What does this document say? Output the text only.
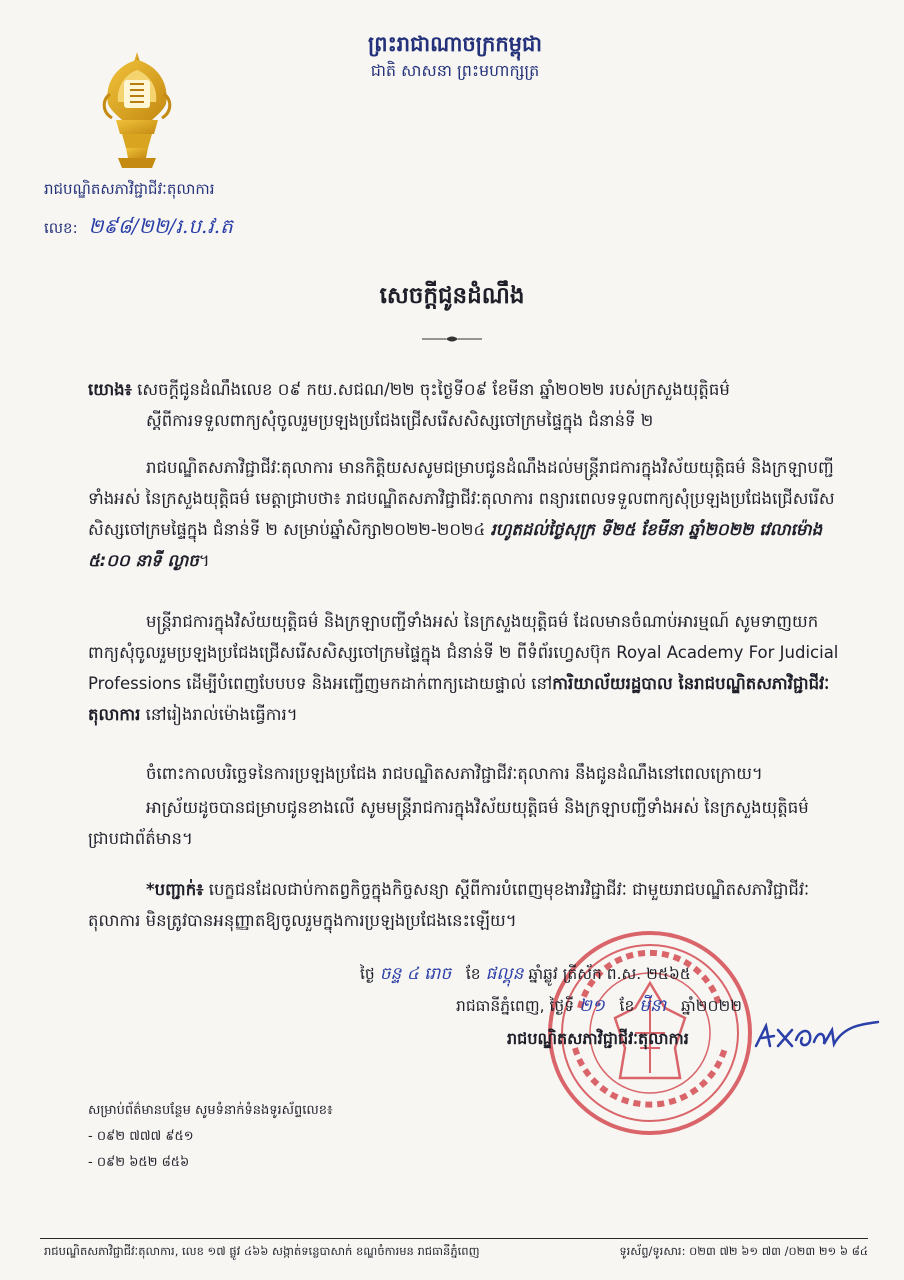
ព្រះរាជាណាចក្រកម្ពុជា
ជាតិ សាសនា ព្រះមហាក្សត្រ
រាជបណ្ឌិតសភាវិជ្ជាជីវៈតុលាការ
លេខ: ២៩៨/២២/រ.ប.វ.ត
សេចក្តីជូនដំណឹង

យោង៖ សេចក្តីជូនដំណឹងលេខ ០៩ កយ.សជណ/២២ ចុះថ្ងៃទី០៩ ខែមីនា ឆ្នាំ២០២២ របស់ក្រសួងយុត្តិធម៌

ស្តីពីការទទួលពាក្យសុំចូលរួមប្រឡងប្រជែងជ្រើសរើសសិស្សចៅក្រមផ្ទៃក្នុង ជំនាន់ទី ២

រាជបណ្ឌិតសភាវិជ្ជាជីវៈតុលាការ មានកិត្តិយសសូមជម្រាបជូនដំណឹងដល់មន្ត្រីរាជការក្នុងវិស័យយុត្តិធម៌ និងក្រឡាបញ្ជីទាំងអស់ នៃក្រសួងយុត្តិធម៌ មេត្តាជ្រាបថា៖ រាជបណ្ឌិតសភាវិជ្ជាជីវៈតុលាការ ពន្យារពេលទទួលពាក្យសុំប្រឡងប្រជែងជ្រើសរើសសិស្សចៅក្រមផ្ទៃក្នុង ជំនាន់ទី ២ សម្រាប់ឆ្នាំសិក្សា២០២២-២០២៤ រហូតដល់ថ្ងៃសុក្រ ទី២៥ ខែមីនា ឆ្នាំ២០២២ វេលាម៉ោង ៥:០០ នាទី ល្ងាច។

មន្ត្រីរាជការក្នុងវិស័យយុត្តិធម៌ និងក្រឡាបញ្ជីទាំងអស់ នៃក្រសួងយុត្តិធម៌ ដែលមានចំណាប់អារម្មណ៍ សូមទាញយកពាក្យសុំចូលរួមប្រឡងប្រជែងជ្រើសរើសសិស្សចៅក្រមផ្ទៃក្នុង ជំនាន់ទី ២ ពីទំព័រហ្វេសប៊ុក Royal Academy For Judicial Professions ដើម្បីបំពេញបែបបទ និងអញ្ជើញមកដាក់ពាក្យដោយផ្ទាល់ នៅការិយាល័យរដ្ឋបាល នៃរាជបណ្ឌិតសភាវិជ្ជាជីវៈតុលាការ នៅរៀងរាល់ម៉ោងធ្វើការ។

ចំពោះកាលបរិច្ឆេទនៃការប្រឡងប្រជែង រាជបណ្ឌិតសភាវិជ្ជាជីវៈតុលាការ នឹងជូនដំណឹងនៅពេលក្រោយ។

អាស្រ័យដូចបានជម្រាបជូនខាងលើ សូមមន្ត្រីរាជការក្នុងវិស័យយុត្តិធម៌ និងក្រឡាបញ្ជីទាំងអស់ នៃក្រសួងយុត្តិធម៌ ជ្រាបជាព័ត៌មាន។

*បញ្ជាក់៖ បេក្ខជនដែលជាប់កាតព្វកិច្ចក្នុងកិច្ចសន្យា ស្តីពីការបំពេញមុខងារវិជ្ជាជីវៈ ជាមួយរាជបណ្ឌិតសភាវិជ្ជាជីវៈតុលាការ មិនត្រូវបានអនុញ្ញាតឱ្យចូលរួមក្នុងការប្រឡងប្រជែងនេះឡើយ។

ថ្ងៃ ចន្ទ ៤ រោច ខែ ផល្គុន ឆ្នាំឆ្លូវ ត្រីស័ក ព.ស. ២៥៦៥
រាជធានីភ្នំពេញ, ថ្ងៃទី ២១ ខែ មីនា ឆ្នាំ២០២២
រាជបណ្ឌិតសភាវិជ្ជាជីវៈតុលាការ
សម្រាប់ព័ត៌មានបន្ថែម សូមទំនាក់ទំនងទូរស័ព្ទលេខ៖
- ០៩២ ៧៧៧ ៩៥១
- ០៩២ ៦៥២ ៨៥៦
រាជបណ្ឌិតសភាវិជ្ជាជីវៈតុលាការ, លេខ ១៧ ផ្លូវ ៤៦៦ សង្កាត់ទន្លេបាសាក់ ខណ្ឌចំការមន រាជធានីភ្នំពេញ	ទូរស័ព្ទ/ទូរសារ: ០២៣ ៧២ ៦១ ៧៣ /០២៣ ២១ ៦ ៨៤
